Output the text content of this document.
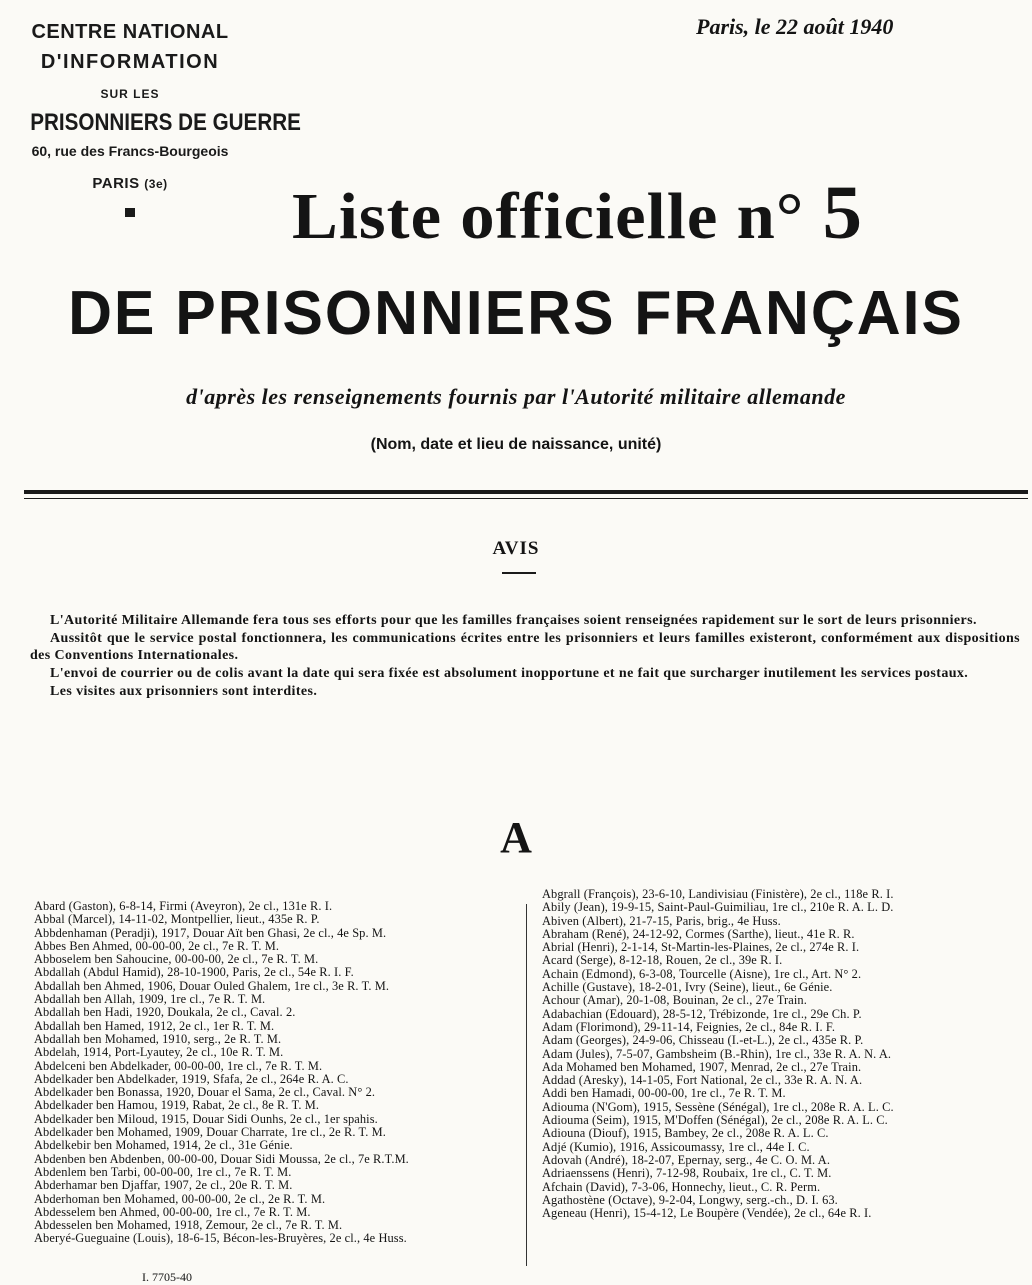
CENTRE NATIONAL
D'INFORMATION
SUR LES
PRISONNIERS DE GUERRE
60, rue des Francs-Bourgeois
PARIS (3e)
Paris, le 22 août 1940
Liste officielle n° 5
DE PRISONNIERS FRANÇAIS
d'après les renseignements fournis par l'Autorité militaire allemande
(Nom, date et lieu de naissance, unité)
AVIS

L'Autorité Militaire Allemande fera tous ses efforts pour que les familles françaises soient renseignées rapidement sur le sort de leurs prisonniers.

Aussitôt que le service postal fonctionnera, les communications écrites entre les prisonniers et leurs familles existeront, conformément aux dispositions des Conventions Internationales.

L'envoi de courrier ou de colis avant la date qui sera fixée est absolument inopportune et ne fait que surcharger inutilement les services postaux.

Les visites aux prisonniers sont interdites.

A
Abard (Gaston), 6-8-14, Firmi (Aveyron), 2e cl., 131e R. I.
Abbal (Marcel), 14-11-02, Montpellier, lieut., 435e R. P.
Abbdenhaman (Peradji), 1917, Douar Aït ben Ghasi, 2e cl., 4e Sp. M.
Abbes Ben Ahmed, 00-00-00, 2e cl., 7e R. T. M.
Abboselem ben Sahoucine, 00-00-00, 2e cl., 7e R. T. M.
Abdallah (Abdul Hamid), 28-10-1900, Paris, 2e cl., 54e R. I. F.
Abdallah ben Ahmed, 1906, Douar Ouled Ghalem, 1re cl., 3e R. T. M.
Abdallah ben Allah, 1909, 1re cl., 7e R. T. M.
Abdallah ben Hadi, 1920, Doukala, 2e cl., Caval. 2.
Abdallah ben Hamed, 1912, 2e cl., 1er R. T. M.
Abdallah ben Mohamed, 1910, serg., 2e R. T. M.
Abdelah, 1914, Port-Lyautey, 2e cl., 10e R. T. M.
Abdelceni ben Abdelkader, 00-00-00, 1re cl., 7e R. T. M.
Abdelkader ben Abdelkader, 1919, Sfafa, 2e cl., 264e R. A. C.
Abdelkader ben Bonassa, 1920, Douar el Sama, 2e cl., Caval. N° 2.
Abdelkader ben Hamou, 1919, Rabat, 2e cl., 8e R. T. M.
Abdelkader ben Miloud, 1915, Douar Sidi Ounhs, 2e cl., 1er spahis.
Abdelkader ben Mohamed, 1909, Douar Charrate, 1re cl., 2e R. T. M.
Abdelkebir ben Mohamed, 1914, 2e cl., 31e Génie.
Abdenben ben Abdenben, 00-00-00, Douar Sidi Moussa, 2e cl., 7e R.T.M.
Abdenlem ben Tarbi, 00-00-00, 1re cl., 7e R. T. M.
Abderhamar ben Djaffar, 1907, 2e cl., 20e R. T. M.
Abderhoman ben Mohamed, 00-00-00, 2e cl., 2e R. T. M.
Abdesselem ben Ahmed, 00-00-00, 1re cl., 7e R. T. M.
Abdesselen ben Mohamed, 1918, Zemour, 2e cl., 7e R. T. M.
Aberyé-Gueguaine (Louis), 18-6-15, Bécon-les-Bruyères, 2e cl., 4e Huss.
Abgrall (François), 23-6-10, Landivisiau (Finistère), 2e cl., 118e R. I.
Abily (Jean), 19-9-15, Saint-Paul-Guimiliau, 1re cl., 210e R. A. L. D.
Abiven (Albert), 21-7-15, Paris, brig., 4e Huss.
Abraham (René), 24-12-92, Cormes (Sarthe), lieut., 41e R. R.
Abrial (Henri), 2-1-14, St-Martin-les-Plaines, 2e cl., 274e R. I.
Acard (Serge), 8-12-18, Rouen, 2e cl., 39e R. I.
Achain (Edmond), 6-3-08, Tourcelle (Aisne), 1re cl., Art. N° 2.
Achille (Gustave), 18-2-01, Ivry (Seine), lieut., 6e Génie.
Achour (Amar), 20-1-08, Bouinan, 2e cl., 27e Train.
Adabachian (Edouard), 28-5-12, Trébizonde, 1re cl., 29e Ch. P.
Adam (Florimond), 29-11-14, Feignies, 2e cl., 84e R. I. F.
Adam (Georges), 24-9-06, Chisseau (I.-et-L.), 2e cl., 435e R. P.
Adam (Jules), 7-5-07, Gambsheim (B.-Rhin), 1re cl., 33e R. A. N. A.
Ada Mohamed ben Mohamed, 1907, Menrad, 2e cl., 27e Train.
Addad (Aresky), 14-1-05, Fort National, 2e cl., 33e R. A. N. A.
Addi ben Hamadi, 00-00-00, 1re cl., 7e R. T. M.
Adiouma (N'Gom), 1915, Sessène (Sénégal), 1re cl., 208e R. A. L. C.
Adiouma (Seim), 1915, M'Doffen (Sénégal), 2e cl., 208e R. A. L. C.
Adiouna (Diouf), 1915, Bambey, 2e cl., 208e R. A. L. C.
Adjé (Kumio), 1916, Assicoumassy, 1re cl., 44e I. C.
Adovah (André), 18-2-07, Epernay, serg., 4e C. O. M. A.
Adriaenssens (Henri), 7-12-98, Roubaix, 1re cl., C. T. M.
Afchain (David), 7-3-06, Honnechy, lieut., C. R. Perm.
Agathostène (Octave), 9-2-04, Longwy, serg.-ch., D. I. 63.
Ageneau (Henri), 15-4-12, Le Boupère (Vendée), 2e cl., 64e R. I.
I. 7705-40
